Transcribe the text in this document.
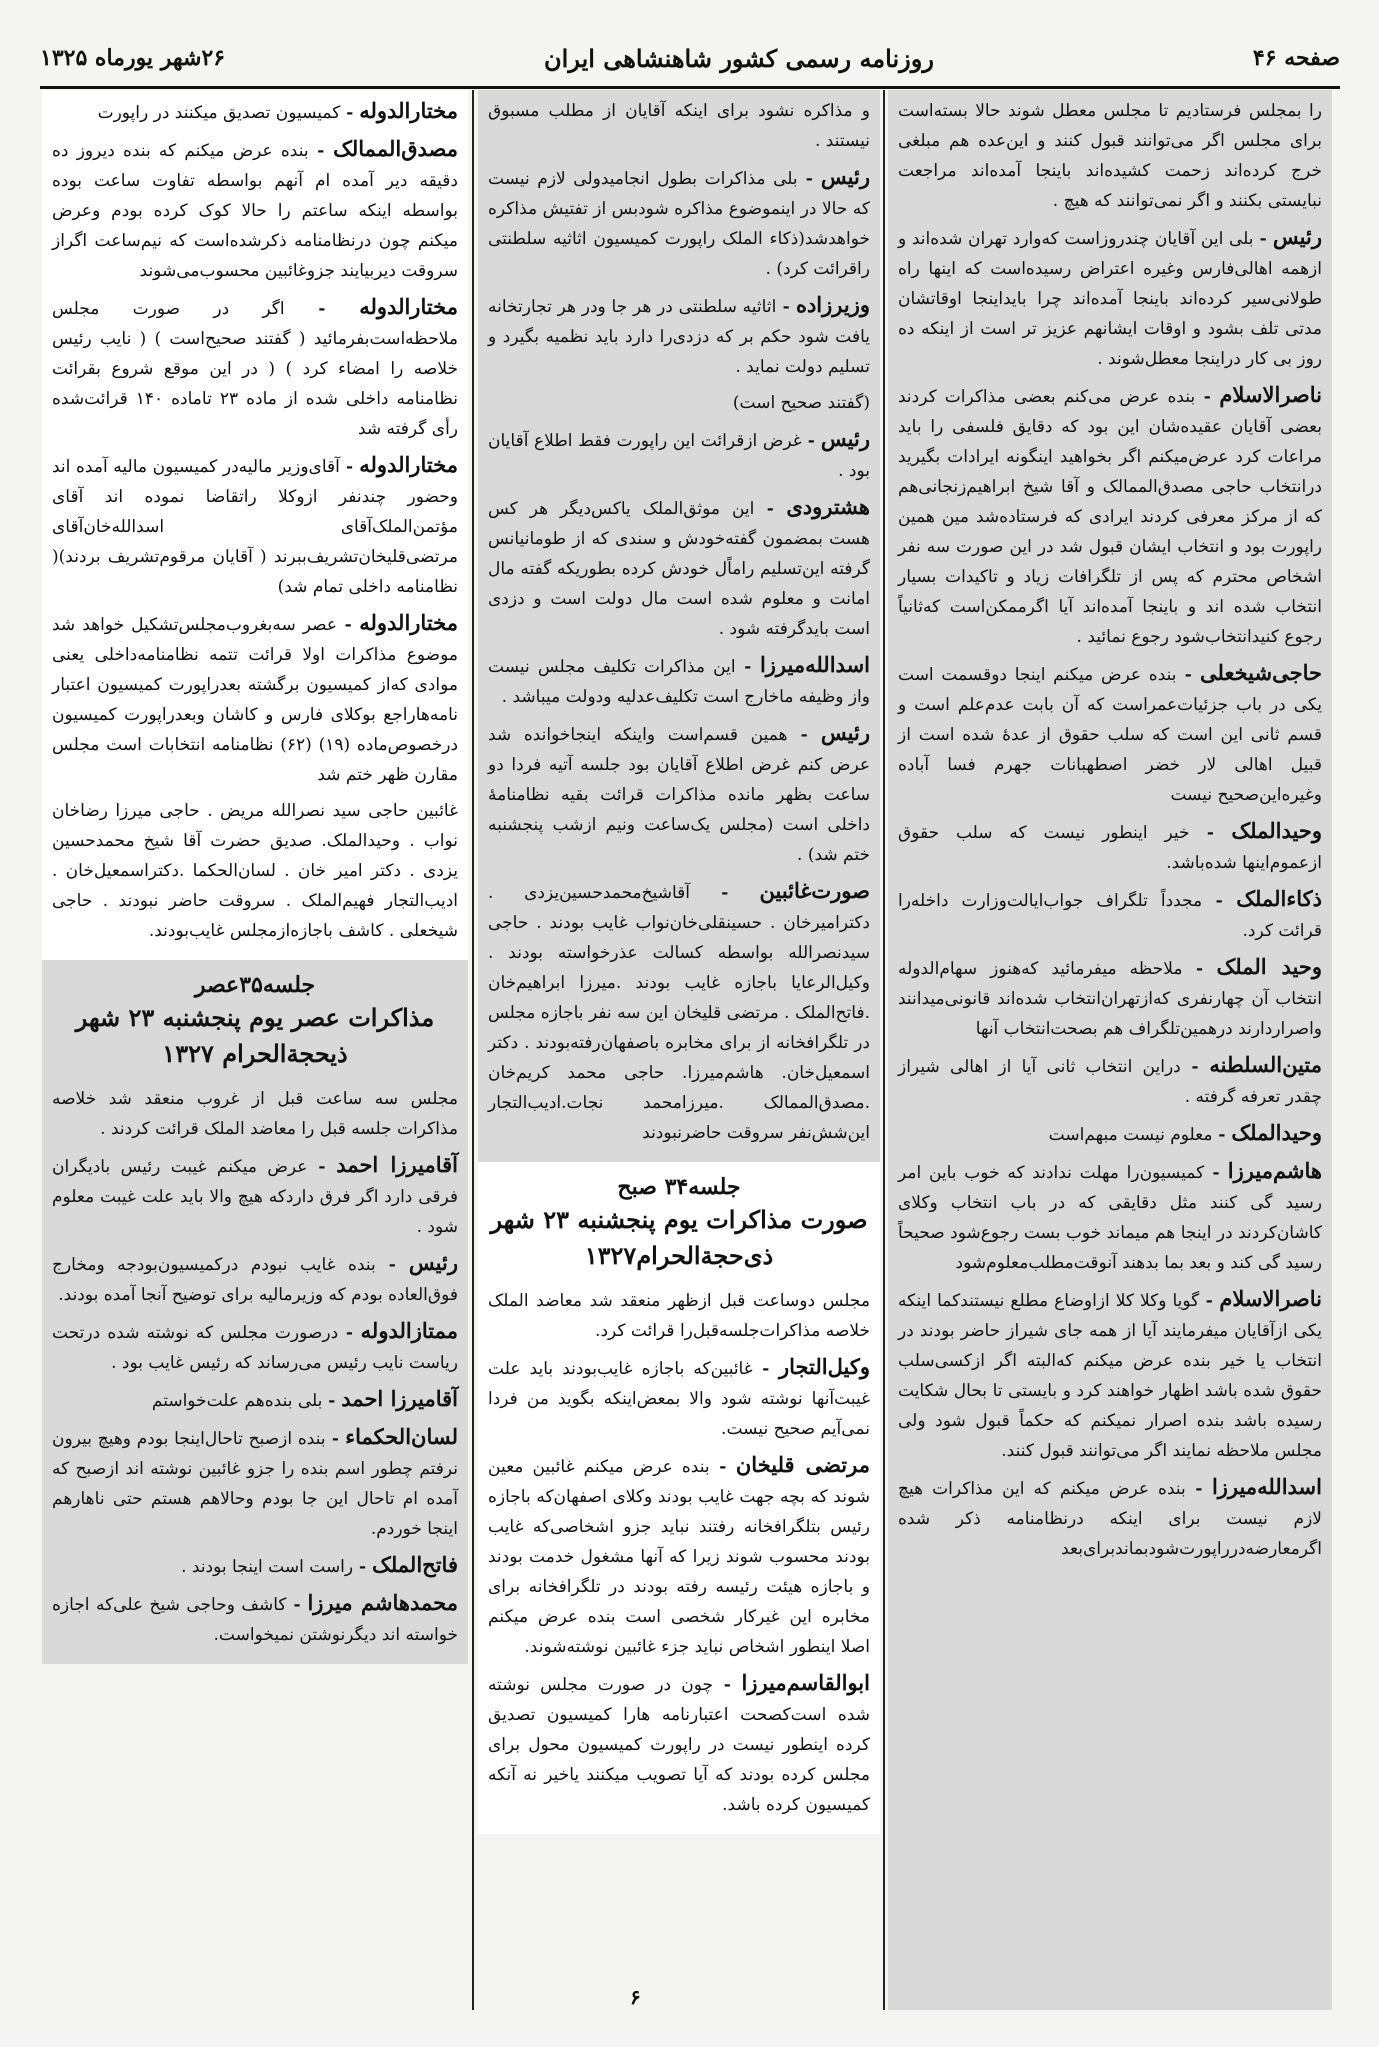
صفحه ۴۶
روزنامه رسمی کشور شاهنشاهی ایران
۲۶شهر یورماه ۱۳۲۵

را بمجلس فرستادیم تا مجلس معطل شوند حالا بسته‌است برای مجلس اگر می‌توانند قبول کنند و این‌عده هم مبلغی خرج کرده‌اند زحمت کشیده‌اند باینجا آمده‌اند مراجعت نبایستی بکنند و اگر نمی‌توانند که هیچ .

رئیس - بلی این آقایان چندروزاست که‌وارد تهران شده‌اند و ازهمه اهالی‌فارس وغیره اعتراض رسیده‌است که اینها راه طولانی‌سیر کرده‌اند باینجا آمده‌اند چرا بایداینجا اوقاتشان مدتی تلف بشود و اوقات ایشانهم عزیز تر است از اینکه ده روز بی کار دراینجا معطل‌شوند .

ناصرالاسلام - بنده عرض می‌کنم بعضی مذاکرات کردند بعضی آقایان عقیده‌شان این بود که دقایق فلسفی را باید مراعات کرد عرض‌میکنم اگر بخواهید اینگونه ایرادات بگیرید درانتخاب حاجی مصدق‌الممالک و آقا شیخ ابراهیم‌زنجانی‌هم که از مرکز معرفی کردند ایرادی که فرستاده‌شد مین همین راپورت بود و انتخاب ایشان قبول شد در این صورت سه نفر اشخاص محترم که پس از تلگرافات زیاد و تاکیدات بسیار انتخاب شده اند و باینجا آمده‌اند آیا اگرممکن‌است که‌ثانیاً رجوع کنیدانتخاب‌شود رجوع نمائید .

حاجی‌شیخعلی - بنده عرض میکنم اینجا دوقسمت است یکی در باب جزئیات‌عمراست که آن بابت عدم‌علم است و قسم ثانی این است که سلب حقوق از عدهٔ شده است از قبیل اهالی لار خضر اصطهبانات جهرم فسا آباده وغیره‌این‌صحیح نیست

وحیدالملک - خیر اینطور نیست که سلب حقوق ازعموم‌اینها شده‌باشد.

ذکاءالملک - مجدداً تلگراف جواب‌ایالت‌وزارت داخله‌را قرائت کرد.

وحید الملک - ملاحظه میفرمائید که‌هنوز سهام‌الدوله انتخاب آن چهارنفری که‌ازتهران‌انتخاب شده‌اند قانونی‌میدانند واصراردارند درهمین‌تلگراف هم بصحت‌انتخاب آنها

متین‌السلطنه - دراین انتخاب ثانی آیا از اهالی شیراز چقدر تعرفه گرفته .

وحیدالملک - معلوم نیست مبهم‌است

هاشم‌میرزا - کمیسیون‌را مهلت ندادند که خوب باین امر رسید گی کنند مثل دقایقی که در باب انتخاب وکلای کاشان‌کردند در اینجا هم میماند خوب بست رجوع‌شود صحیحاً رسید گی کند و بعد بما بدهند آنوقت‌مطلب‌معلوم‌شود

ناصرالاسلام - گویا وکلا کلا ازاوضاع مطلع نیستند‌کما اینکه یکی ازآقایان میفرمایند آیا از همه جای شیراز حاضر بودند در انتخاب یا خیر بنده عرض میکنم که‌البته اگر ازکسی‌سلب حقوق شده باشد اظهار خواهند کرد و بایستی تا بحال شکایت رسیده باشد بنده اصرار نمیکنم که حکماً قبول شود ولی مجلس ملاحظه نمایند اگر می‌توانند قبول کنند.

اسدالله‌میرزا - بنده عرض میکنم که این مذاکرات هیچ لازم نیست برای اینکه درنظامنامه ذکر شده اگرمعارضه‌درراپورت‌شودبماندبرای‌بعد

و مذاکره نشود برای اینکه آقایان از مطلب مسبوق نیستند .

رئیس - بلی مذاکرات بطول انجامیدولی لازم نیست که حالا در اینموضوع مذاکره شودبس از تفتیش مذاکره خواهدشد(ذکاء الملک راپورت کمیسیون اثاثیه سلطنتی راقرائت کرد) .

وزیرزاده - اثاثیه سلطنتی در هر جا ودر هر تجارتخانه یافت شود حکم بر که دزدی‌را دارد باید نظمیه بگیرد و تسلیم دولت نماید .

(گفتند صحیح است)

رئیس - غرض ازقرائت این راپورت فقط اطلاع آقایان بود .

هشترودی - این موثق‌الملک یاکس‌دیگر هر کس هست بمضمون گفته‌خودش و سندی که از طومانیانس گرفته این‌تسلیم راماًل خودش کرده بطوریکه گفته مال امانت و معلوم شده است مال دولت است و دزدی است باید‌گرفته شود .

اسدالله‌میرزا - این مذاکرات تکلیف مجلس نیست واز وظیفه ماخارج است تکلیف‌عدلیه ودولت میباشد .

رئیس - همین قسم‌است واینکه اینجاخوانده شد عرض کنم غرض اطلاع آقایان بود جلسه آتیه فردا دو ساعت بظهر مانده مذاکرات قرائت بقیه نظامنامهٔ داخلی است (مجلس یک‌ساعت ونیم ازشب پنجشنبه ختم شد) .

صورت‌غائبین - آقاشیخ‌محمدحسین‌یزدی . دکترامیرخان . حسینقلی‌خان‌نواب غایب بودند . حاجی سیدنصرالله بواسطه کسالت عذرخواسته بودند . وکیل‌الرعایا باجازه غایب بودند .میرزا ابراهیم‌خان .فاتح‌الملک . مرتضی قلیخان این سه نفر باجازه مجلس در تلگرافخانه از برای مخابره باصفهان‌رفته‌بودند . دکتر اسمعیل‌خان. هاشم‌میرزا. حاجی محمد کریم‌خان .مصدق‌الممالک .میرزامحمد نجات.ادیب‌التجار این‌شش‌نفر سروقت حاضرنبودند

جلسه۳۴ صبح
صورت مذاکرات یوم پنجشنبه ۲۳ شهر ذی‌حجةالحرام۱۳۲۷

مجلس دوساعت قبل ازظهر منعقد شد معاضد الملک خلاصه مذاکرات‌جلسه‌قبل‌را قرائت کرد.

وکیل‌التجار - غائبین‌که باجازه غایب‌بودند باید علت غیبت‌آنها نوشته شود والا بمعض‌اینکه بگوید من فردا نمی‌آیم صحیح نیست.

مرتضی قلیخان - بنده عرض میکنم غائبین معین شوند که بچه جهت غایب بودند وکلای اصفهان‌که باجازه رئیس بتلگرافخانه رفتند نباید جزو اشخاصی‌که غایب بودند محسوب شوند زیرا که آنها مشغول خدمت بودند و باجازه هیئت رئیسه رفته بودند در تلگرافخانه برای مخابره این غیرکار شخصی است بنده عرض میکنم اصلا اینطور اشخاص نباید جزء غائبین نوشته‌شوند.

ابوالقاسم‌میرزا - چون در صورت مجلس نوشته شده است‌کصحت اعتبارنامه هارا کمیسیون تصدیق کرده اینطور نیست در راپورت کمیسیون محول برای مجلس کرده بودند که آیا تصویب میکنند یاخیر نه آنکه کمیسیون کرده باشد.

مختارالدوله - کمیسیون تصدیق میکنند در راپورت

مصدق‌الممالک - بنده عرض میکنم که بنده دیروز ده دقیقه دیر آمده ام آنهم بواسطه تفاوت ساعت بوده بواسطه اینکه ساعتم را حالا کوک کرده بودم وعرض میکنم چون درنظامنامه ذکرشده‌است که نیم‌ساعت اگراز سروقت دیربیایند جزوغائبین محسوب‌می‌شوند

مختارالدوله - اگر در صورت مجلس ملاحظه‌است‌بفرمائید ( گفتند صحیح‌است ) ( نایب رئیس خلاصه را امضاء کرد ) ( در این موقع شروع بقرائت نظامنامه داخلی شده از ماده ۲۳ تاماده ۱۴۰ قرائت‌شده رأی گرفته شد

مختارالدوله - آقای‌وزیر مالیه‌در کمیسیون مالیه آمده اند وحضور چندنفر ازوکلا راتقاضا نموده اند آقای مؤتمن‌الملک‌آقای اسدالله‌خان‌آقای مرتضی‌قلیخان‌تشریف‌ببرند ( آقایان مرقوم‌تشریف بردند)( نظامنامه داخلی تمام شد)

مختارالدوله - عصر سه‌بغروب‌مجلس‌تشکیل خواهد شد موضوع مذاکرات اولا قرائت تتمه نظامنامه‌داخلی یعنی موادی که‌از کمیسیون برگشته بعدراپورت کمیسیون اعتبار نامه‌هاراجع بوکلای فارس و کاشان وبعدراپورت کمیسیون درخصوص‌ماده (۱۹) (۶۲) نظامنامه انتخابات است مجلس مقارن ظهر ختم شد

غائبین حاجی سید نصرالله مریض . حاجی میرزا رضاخان نواب . وحیدالملک. صدیق حضرت آقا شیخ محمدحسین یزدی . دکتر امیر خان . لسان‌الحکما .دکتراسمعیل‌خان . ادیب‌التجار فهیم‌الملک . سروقت حاضر نبودند . حاجی شیخعلی . کاشف باجازه‌ازمجلس غایب‌بودند.

جلسه۳۵عصر
مذاکرات عصر یوم پنجشنبه ۲۳ شهر ذیحجةالحرام ۱۳۲۷

مجلس سه ساعت قبل از غروب منعقد شد خلاصه مذاکرات جلسه قبل را معاضد الملک قرائت کردند .

آقامیرزا احمد - عرض میکنم غیبت رئیس بادیگران فرقی دارد اگر فرق داردکه هیچ والا باید علت غیبت معلوم شود .

رئیس - بنده غایب نبودم درکمیسیون‌بودجه ومخارج فوق‌العاده بودم که وزیرمالیه برای توضیح آنجا آمده بودند.

ممتازالدوله - درصورت مجلس که نوشته شده درتحت ریاست نایب رئیس می‌رساند که رئیس غایب بود .

آقامیرزا احمد - بلی بنده‌هم علت‌خواستم

لسان‌الحکماء - بنده ازصبح تاحال‌اینجا بودم وهیچ بیرون نرفتم چطور اسم بنده را جزو غائبین نوشته اند ازصبح که آمده ام تاحال این جا بودم وحالاهم هستم حتی ناهارهم اینجا خوردم.

فاتح‌الملک - راست است اینجا بودند .

محمدهاشم میرزا - کاشف وحاجی شیخ علی‌که اجازه خواسته اند دیگرنوشتن نمیخواست.

۶
